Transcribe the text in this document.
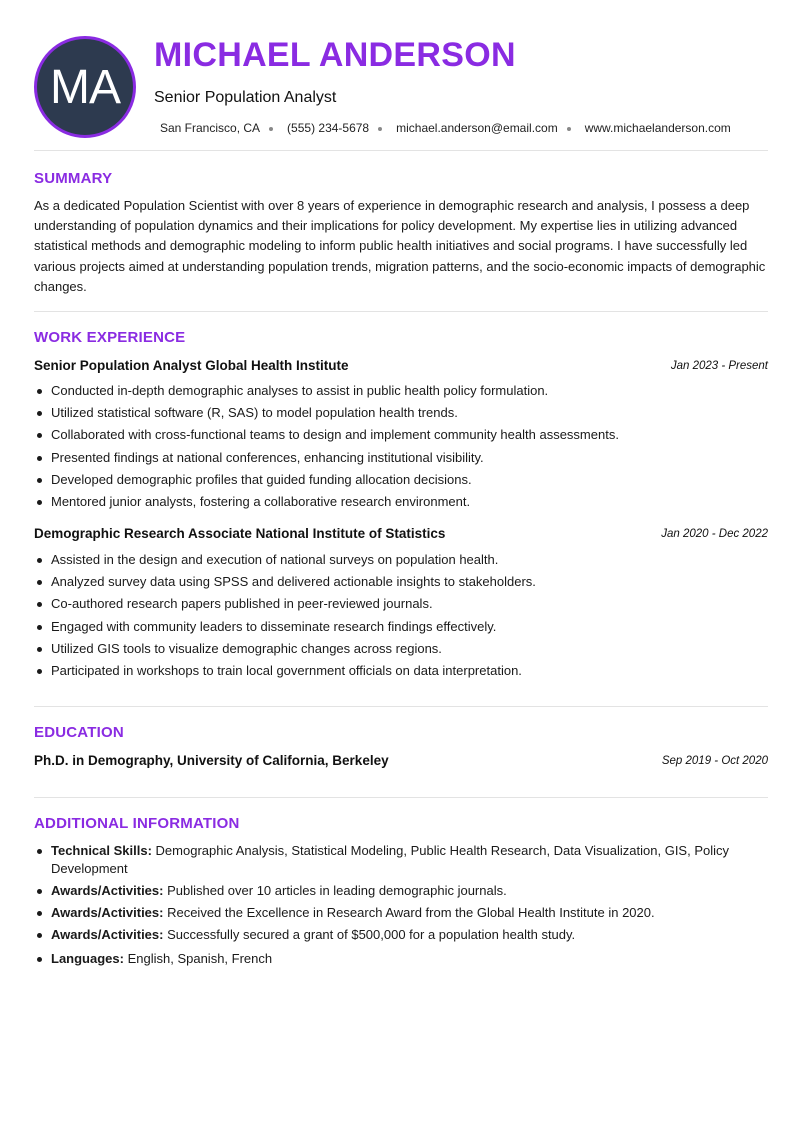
MA
MICHAEL ANDERSON
Senior Population Analyst
San Francisco, CA (555) 234-5678 michael.anderson@email.com www.michaelanderson.com
SUMMARY
As a dedicated Population Scientist with over 8 years of experience in demographic research and analysis, I possess a deep understanding of population dynamics and their implications for policy development. My expertise lies in utilizing advanced statistical methods and demographic modeling to inform public health initiatives and social programs. I have successfully led various projects aimed at understanding population trends, migration patterns, and the socio-economic impacts of demographic changes.
WORK EXPERIENCE
Senior Population Analyst Global Health Institute	Jan 2023 - Present
Conducted in-depth demographic analyses to assist in public health policy formulation.
Utilized statistical software (R, SAS) to model population health trends.
Collaborated with cross-functional teams to design and implement community health assessments.
Presented findings at national conferences, enhancing institutional visibility.
Developed demographic profiles that guided funding allocation decisions.
Mentored junior analysts, fostering a collaborative research environment.
Demographic Research Associate National Institute of Statistics	Jan 2020 - Dec 2022
Assisted in the design and execution of national surveys on population health.
Analyzed survey data using SPSS and delivered actionable insights to stakeholders.
Co-authored research papers published in peer-reviewed journals.
Engaged with community leaders to disseminate research findings effectively.
Utilized GIS tools to visualize demographic changes across regions.
Participated in workshops to train local government officials on data interpretation.
EDUCATION
Ph.D. in Demography, University of California, Berkeley	Sep 2019 - Oct 2020
ADDITIONAL INFORMATION
Technical Skills: Demographic Analysis, Statistical Modeling, Public Health Research, Data Visualization, GIS, Policy Development
Awards/Activities: Published over 10 articles in leading demographic journals.
Awards/Activities: Received the Excellence in Research Award from the Global Health Institute in 2020.
Awards/Activities: Successfully secured a grant of $500,000 for a population health study.
Languages: English, Spanish, French
